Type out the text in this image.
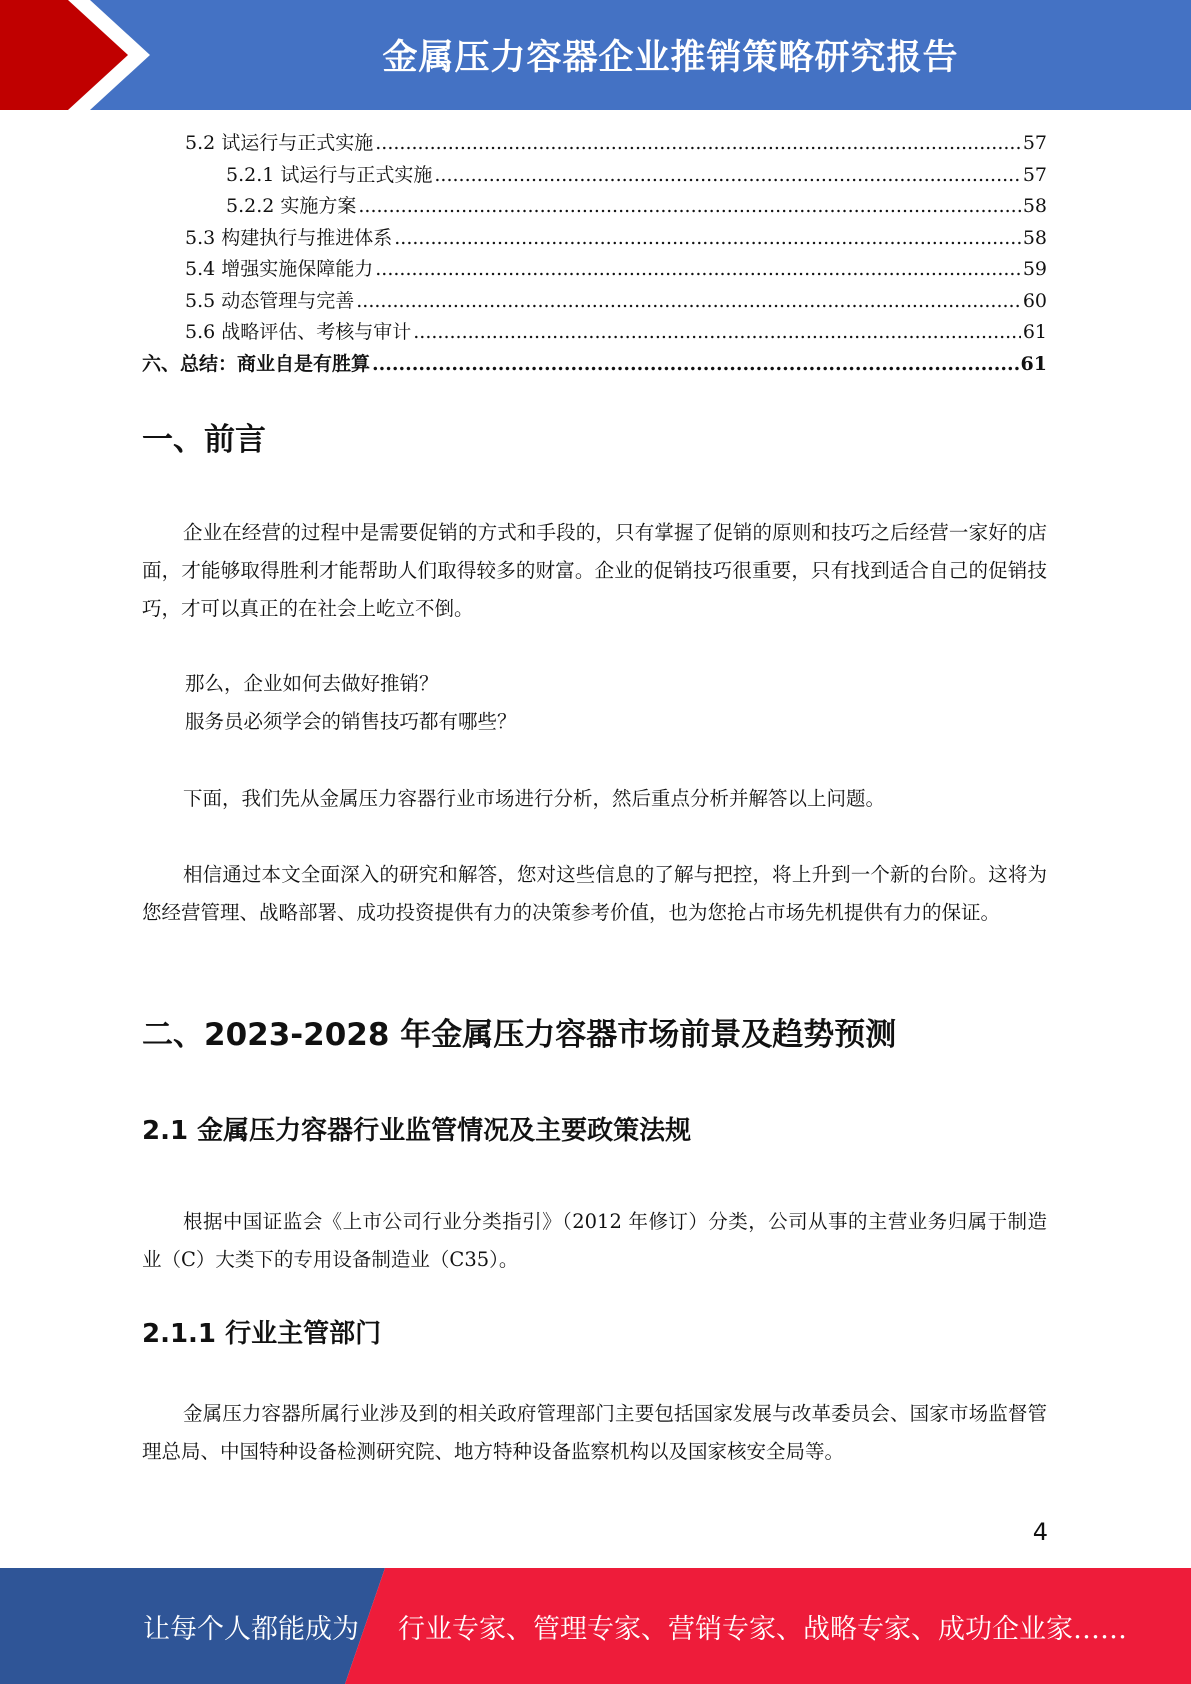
金属压力容器企业推销策略研究报告
5.2 试运行与正式实施 .....	57
5.2.1 试运行与正式实施 .....	57
5.2.2 实施方案 .....	58
5.3 构建执行与推进体系 .....	58
5.4 增强实施保障能力 .....	59
5.5 动态管理与完善 .....	60
5.6 战略评估、考核与审计 .....	61
六、总结：商业自是有胜算 .....	61
一、前言

企业在经营的过程中是需要促销的方式和手段的，只有掌握了促销的原则和技巧之后经营一家好的店面，才能够取得胜利才能帮助人们取得较多的财富。企业的促销技巧很重要，只有找到适合自己的促销技巧，才可以真正的在社会上屹立不倒。

那么，企业如何去做好推销？

服务员必须学会的销售技巧都有哪些？

下面，我们先从金属压力容器行业市场进行分析，然后重点分析并解答以上问题。

相信通过本文全面深入的研究和解答，您对这些信息的了解与把控，将上升到一个新的台阶。这将为您经营管理、战略部署、成功投资提供有力的决策参考价值，也为您抢占市场先机提供有力的保证。

二、2023-2028 年金属压力容器市场前景及趋势预测
2.1 金属压力容器行业监管情况及主要政策法规

根据中国证监会《上市公司行业分类指引》（2012 年修订）分类，公司从事的主营业务归属于制造业（C）大类下的专用设备制造业（C35）。

2.1.1 行业主管部门

金属压力容器所属行业涉及到的相关政府管理部门主要包括国家发展与改革委员会、国家市场监督管理总局、中国特种设备检测研究院、地方特种设备监察机构以及国家核安全局等。

4
让每个人都能成为 行业专家、管理专家、营销专家、战略专家、成功企业家……
